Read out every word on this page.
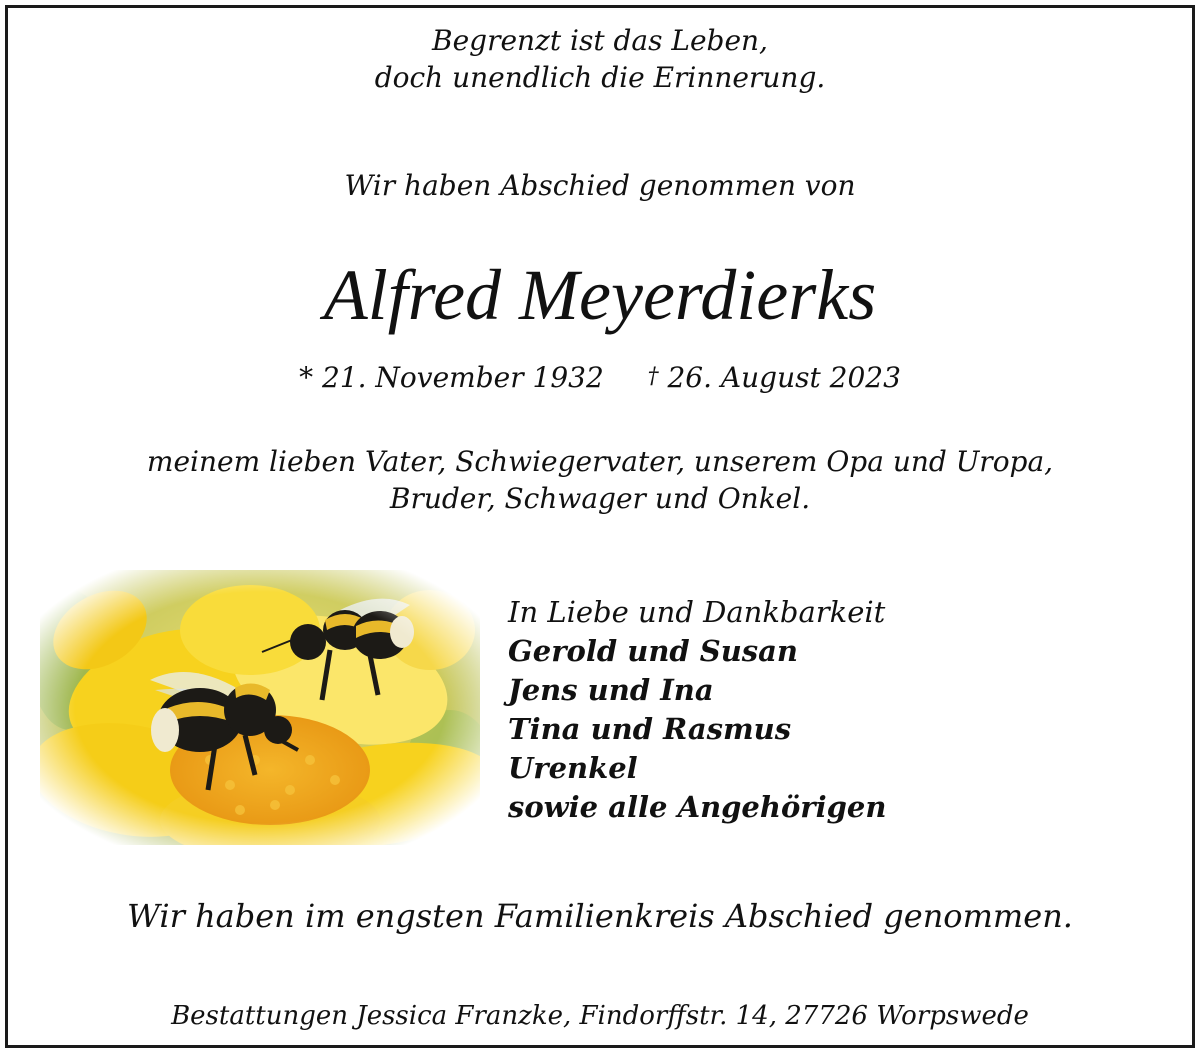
Begrenzt ist das Leben,
doch unendlich die Erinnerung.
Wir haben Abschied genommen von
Alfred Meyerdierks
* 21. November 1932 † 26. August 2023
meinem lieben Vater, Schwiegervater, unserem Opa und Uropa,
Bruder, Schwager und Onkel.
In Liebe und Dankbarkeit
Gerold und Susan
Jens und Ina
Tina und Rasmus
Urenkel
sowie alle Angehörigen
Wir haben im engsten Familienkreis Abschied genommen.
Bestattungen Jessica Franzke, Findorffstr. 14, 27726 Worpswede
